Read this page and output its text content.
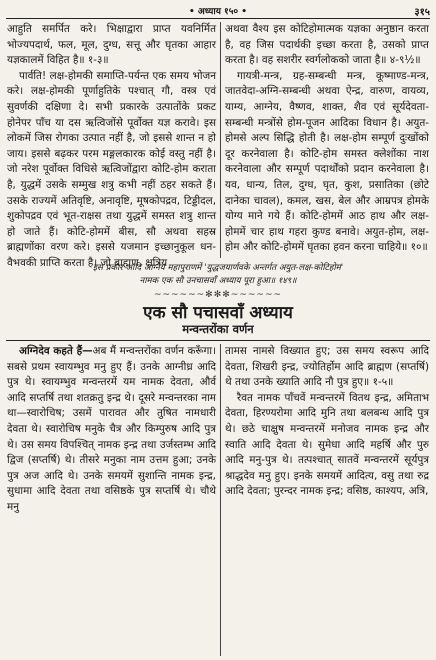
• अध्याय १५० •	३१५

आहुति समर्पित करे। भिक्षाद्वारा प्राप्त यवनिर्मित भोज्यपदार्थ, फल, मूल, दुग्ध, सत्तू और घृतका आहार यज्ञकालमें विहित है॥ १-३॥

पार्वति! लक्ष-होमकी समाप्ति-पर्यन्त एक समय भोजन करे। लक्ष-होमकी पूर्णाहुतिके पश्चात् गौ, वस्त्र एवं सुवर्णकी दक्षिणा दे। सभी प्रकारके उत्पातोंके प्रकट होनेपर पाँच या दस ऋत्विजोंसे पूर्वोक्त यज्ञ करावे। इस लोकमें जिस रोगका उत्पात नहीं है, जो इससे शान्त न हो जाय। इससे बढ़कर परम मङ्गलकारक कोई वस्तु नहीं है। जो नरेश पूर्वोक्त विधिसे ऋत्विजोंद्वारा कोटि-होम कराता है, युद्धमें उसके सम्मुख शत्रु कभी नहीं ठहर सकते हैं। उसके राज्यमें अतिवृष्टि, अनावृष्टि, मूषकोपद्रव, टिड्डीदल, शुकोपद्रव एवं भूत-राक्षस तथा युद्धमें समस्त शत्रु शान्त हो जाते हैं। कोटि-होममें बीस, सौ अथवा सहस्र ब्राह्मणोंका वरण करे। इससे यजमान इच्छानुकूल धन-वैभवकी प्राप्ति करता है। जो ब्राह्मण, क्षत्रिय

अथवा वैश्य इस कोटिहोमात्मक यज्ञका अनुष्ठान करता है, वह जिस पदार्थकी इच्छा करता है, उसको प्राप्त करता है। वह सशरीर स्वर्गलोकको जाता है॥ ४-९½॥

गायत्री-मन्त्र, ग्रह-सम्बन्धी मन्त्र, कूष्माण्ड-मन्त्र, जातवेदा-अग्नि-सम्बन्धी अथवा ऐन्द्र, वारुण, वायव्य, याम्य, आग्नेय, वैष्णव, शाक्त, शैव एवं सूर्यदेवता-सम्बन्धी मन्त्रोंसे होम-पूजन आदिका विधान है। अयुत-होमसे अल्प सिद्धि होती है। लक्ष-होम सम्पूर्ण दुःखोंको दूर करनेवाला है। कोटि-होम समस्त क्लेशोंका नाश करनेवाला और सम्पूर्ण पदार्थोंको प्रदान करनेवाला है। यव, धान्य, तिल, दुग्ध, घृत, कुश, प्रसातिका (छोटे दानेका चावल), कमल, खस, बेल और आम्रपत्र होमके योग्य माने गये हैं। कोटि-होममें आठ हाथ और लक्ष-होममें चार हाथ गहरा कुण्ड बनावे। अयुत-होम, लक्ष-होम और कोटि-होममें घृतका हवन करना चाहिये॥ १०॥

इस प्रकार आदि आग्नेय महापुराणमें 'युद्धजयार्णवके अन्तर्गत अयुत-लक्ष-कोटिहोम'
नामक एक सौ उनचासवाँ अध्याय पूरा हुआ॥ १४९॥
~~~~~~✻✻✻~~~~~~
एक सौ पचासवाँ अध्याय
मन्वन्तरोंका वर्णन

अग्निदेव कहते हैं—अब मैं मन्वन्तरोंका वर्णन करूँगा। सबसे प्रथम स्वायम्भुव मनु हुए हैं। उनके आग्नीध्र आदि पुत्र थे। स्वायम्भुव मन्वन्तरमें यम नामक देवता, और्व आदि सप्तर्षि तथा शतक्रतु इन्द्र थे। दूसरे मन्वन्तरका नाम था—स्वारोचिष; उसमें पारावत और तुषित नामधारी देवता थे। स्वारोचिष मनुके चैत्र और किम्पुरुष आदि पुत्र थे। उस समय विपश्चित् नामक इन्द्र तथा उर्जस्तम्भ आदि द्विज (सप्तर्षि) थे। तीसरे मनुका नाम उत्तम हुआ; उनके पुत्र अज आदि थे। उनके समयमें सुशान्ति नामक इन्द्र, सुधामा आदि देवता तथा वसिष्ठके पुत्र सप्तर्षि थे। चौथे मनु

तामस नामसे विख्यात हुए; उस समय स्वरूप आदि देवता, शिखरी इन्द्र, ज्योतिर्होम आदि ब्राह्मण (सप्तर्षि) थे तथा उनके ख्याति आदि नौ पुत्र हुए॥ १-५॥

रैवत नामक पाँचवें मन्वन्तरमें वितथ इन्द्र, अमिताभ देवता, हिरण्यरोमा आदि मुनि तथा बलबन्ध आदि पुत्र थे। छठे चाक्षुष मन्वन्तरमें मनोजव नामक इन्द्र और स्वाति आदि देवता थे। सुमेधा आदि महर्षि और पुरु आदि मनु-पुत्र थे। तत्पश्चात् सातवें मन्वन्तरमें सूर्यपुत्र श्राद्धदेव मनु हुए। इनके समयमें आदित्य, वसु तथा रुद्र आदि देवता; पुरन्दर नामक इन्द्र; वसिष्ठ, काश्यप, अत्रि,
